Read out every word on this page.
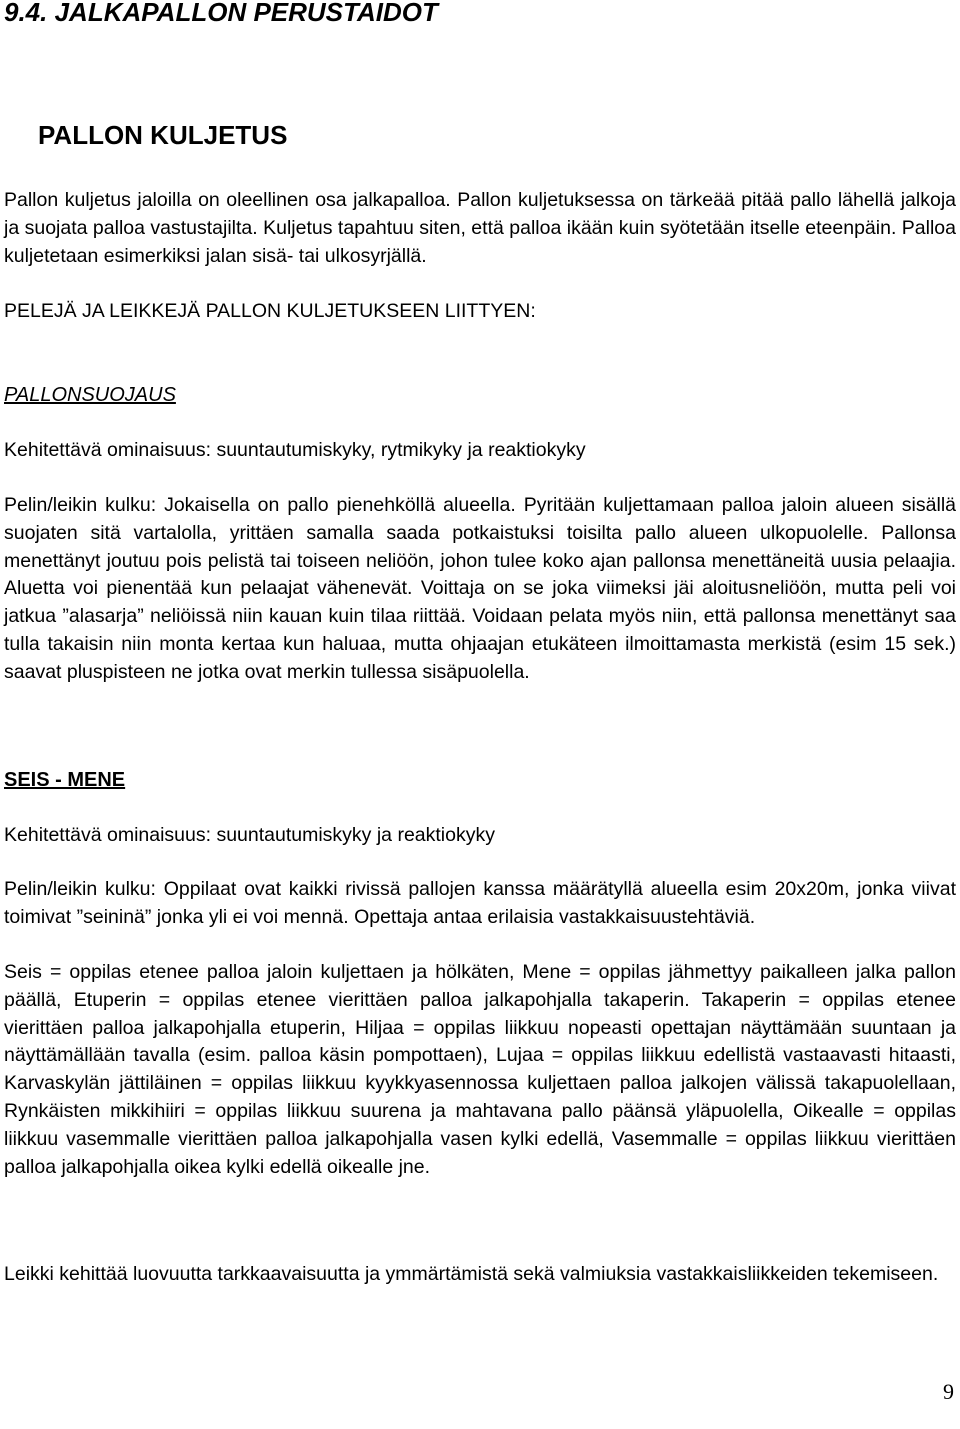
9.4. JALKAPALLON PERUSTAIDOT
PALLON KULJETUS

Pallon kuljetus jaloilla on oleellinen osa jalkapalloa. Pallon kuljetuksessa on tärkeää pitää pallo lähellä jalkoja ja suojata palloa vastustajilta. Kuljetus tapahtuu siten, että palloa ikään kuin syötetään itselle eteenpäin. Palloa kuljetetaan esimerkiksi jalan sisä- tai ulkosyrjällä.

PELEJÄ JA LEIKKEJÄ PALLON KULJETUKSEEN LIITTYEN:
PALLONSUOJAUS
Kehitettävä ominaisuus: suuntautumiskyky, rytmikyky ja reaktiokyky

Pelin/leikin kulku: Jokaisella on pallo pienehköllä alueella. Pyritään kuljettamaan palloa jaloin alueen sisällä suojaten sitä vartalolla, yrittäen samalla saada potkaistuksi toisilta pallo alueen ulkopuolelle. Pallonsa menettänyt joutuu pois pelistä tai toiseen neliöön, johon tulee koko ajan pallonsa menettäneitä uusia pelaajia. Aluetta voi pienentää kun pelaajat vähenevät. Voittaja on se joka viimeksi jäi aloitusneliöön, mutta peli voi jatkua ”alasarja” neliöissä niin kauan kuin tilaa riittää. Voidaan pelata myös niin, että pallonsa menettänyt saa tulla takaisin niin monta kertaa kun haluaa, mutta ohjaajan etukäteen ilmoittamasta merkistä (esim 15 sek.) saavat pluspisteen ne jotka ovat merkin tullessa sisäpuolella.

SEIS - MENE
Kehitettävä ominaisuus: suuntautumiskyky ja reaktiokyky

Pelin/leikin kulku: Oppilaat ovat kaikki rivissä pallojen kanssa määrätyllä alueella esim 20x20m, jonka viivat toimivat ”seininä” jonka yli ei voi mennä. Opettaja antaa erilaisia vastakkaisuustehtäviä.

Seis = oppilas etenee palloa jaloin kuljettaen ja hölkäten, Mene = oppilas jähmettyy paikalleen jalka pallon päällä, Etuperin = oppilas etenee vierittäen palloa jalkapohjalla takaperin. Takaperin = oppilas etenee vierittäen palloa jalkapohjalla etuperin, Hiljaa = oppilas liikkuu nopeasti opettajan näyttämään suuntaan ja näyttämällään tavalla (esim. palloa käsin pompottaen), Lujaa = oppilas liikkuu edellistä vastaavasti hitaasti, Karvaskylän jättiläinen = oppilas liikkuu kyykkyasennossa kuljettaen palloa jalkojen välissä takapuolellaan, Rynkäisten mikkihiiri = oppilas liikkuu suurena ja mahtavana pallo päänsä yläpuolella, Oikealle = oppilas liikkuu vasemmalle vierittäen palloa jalkapohjalla vasen kylki edellä, Vasemmalle = oppilas liikkuu vierittäen palloa jalkapohjalla oikea kylki edellä oikealle jne.

Leikki kehittää luovuutta tarkkaavaisuutta ja ymmärtämistä sekä valmiuksia vastakkaisliikkeiden tekemiseen.

9
